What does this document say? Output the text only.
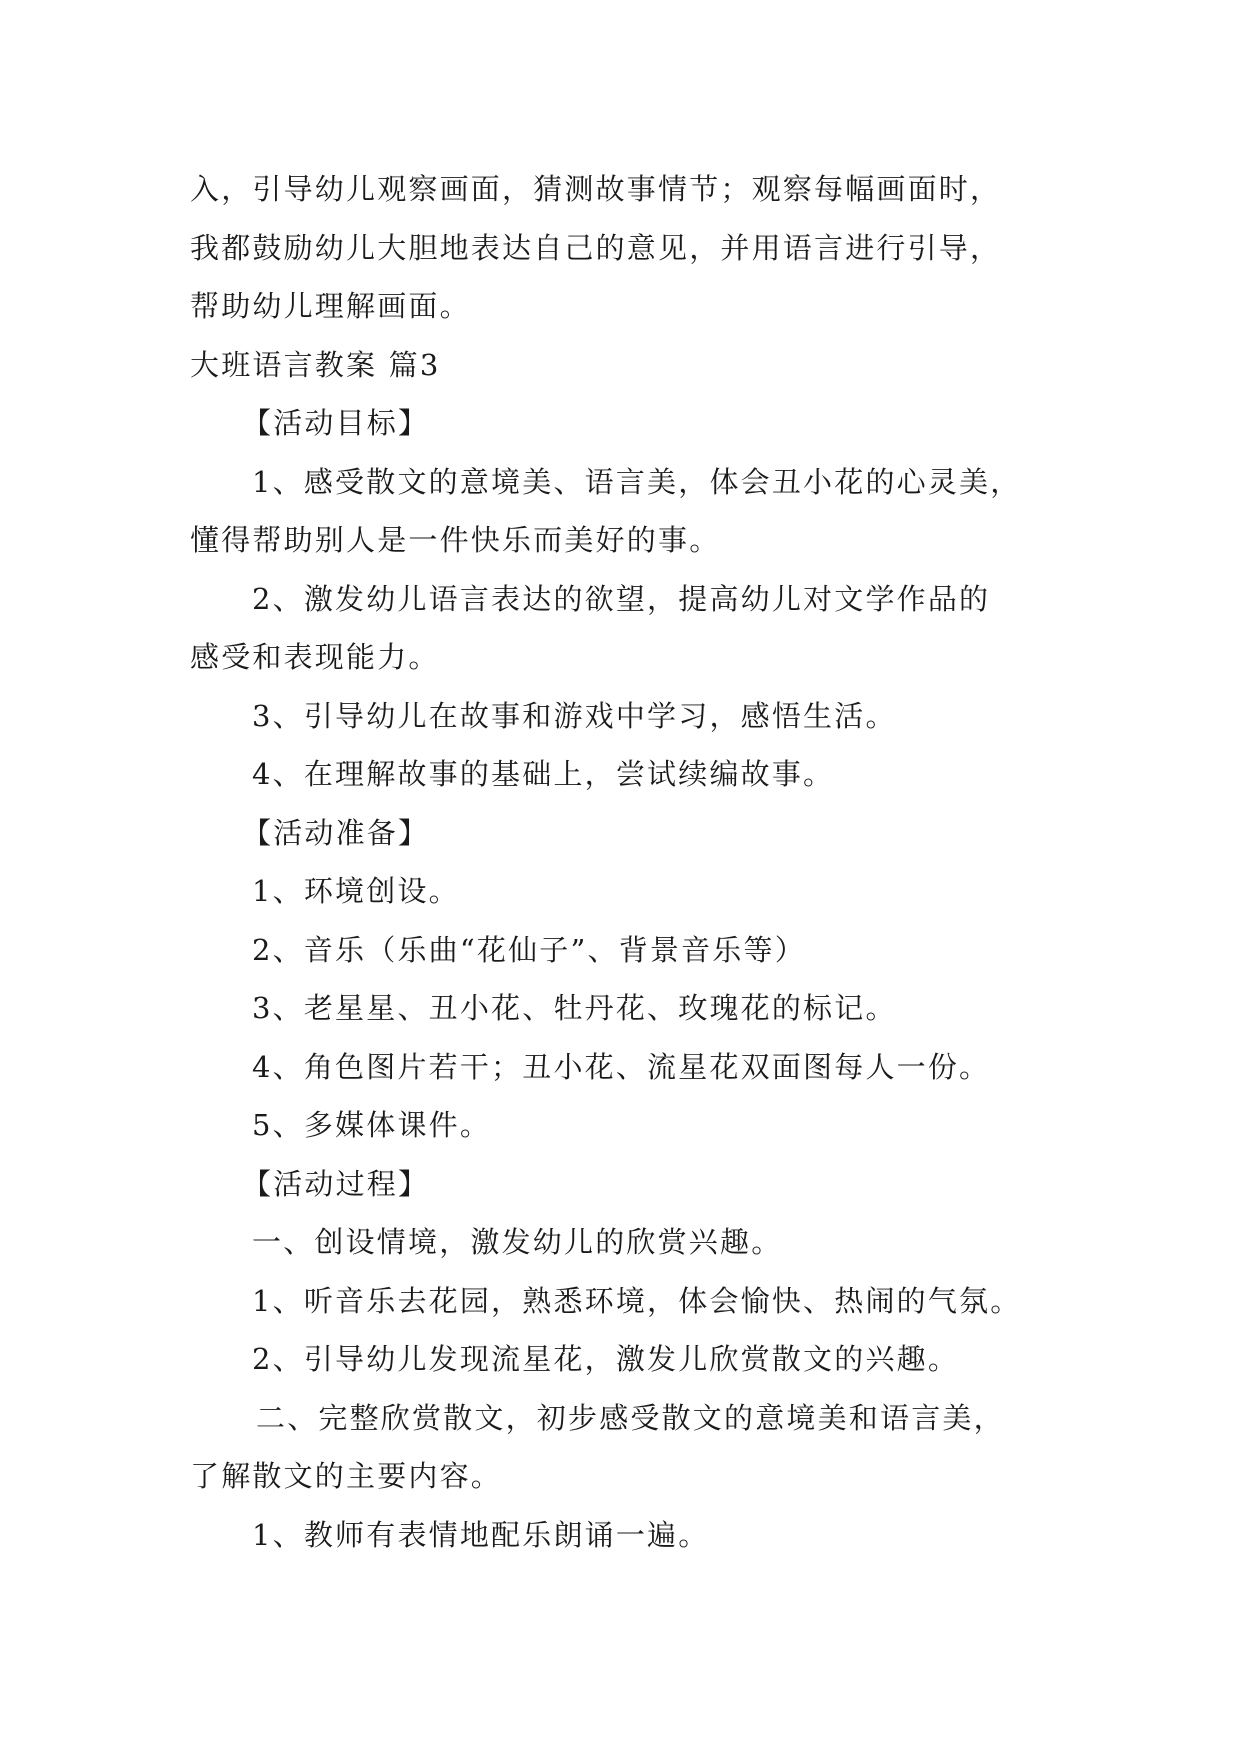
入，引导幼儿观察画面，猜测故事情节；观察每幅画面时，
我都鼓励幼儿大胆地表达自己的意见，并用语言进行引导，
帮助幼儿理解画面。
大班语言教案 篇3
【活动目标】
1、感受散文的意境美、语言美，体会丑小花的心灵美，
懂得帮助别人是一件快乐而美好的事。
2、激发幼儿语言表达的欲望，提高幼儿对文学作品的
感受和表现能力。
3、引导幼儿在故事和游戏中学习，感悟生活。
4、在理解故事的基础上，尝试续编故事。
【活动准备】
1、环境创设。
2、音乐（乐曲“花仙子”、背景音乐等）
3、老星星、丑小花、牡丹花、玫瑰花的标记。
4、角色图片若干；丑小花、流星花双面图每人一份。
5、多媒体课件。
【活动过程】
一、创设情境，激发幼儿的欣赏兴趣。
1、听音乐去花园，熟悉环境，体会愉快、热闹的气氛。
2、引导幼儿发现流星花，激发儿欣赏散文的兴趣。
二、完整欣赏散文，初步感受散文的意境美和语言美，
了解散文的主要内容。
1、教师有表情地配乐朗诵一遍。
